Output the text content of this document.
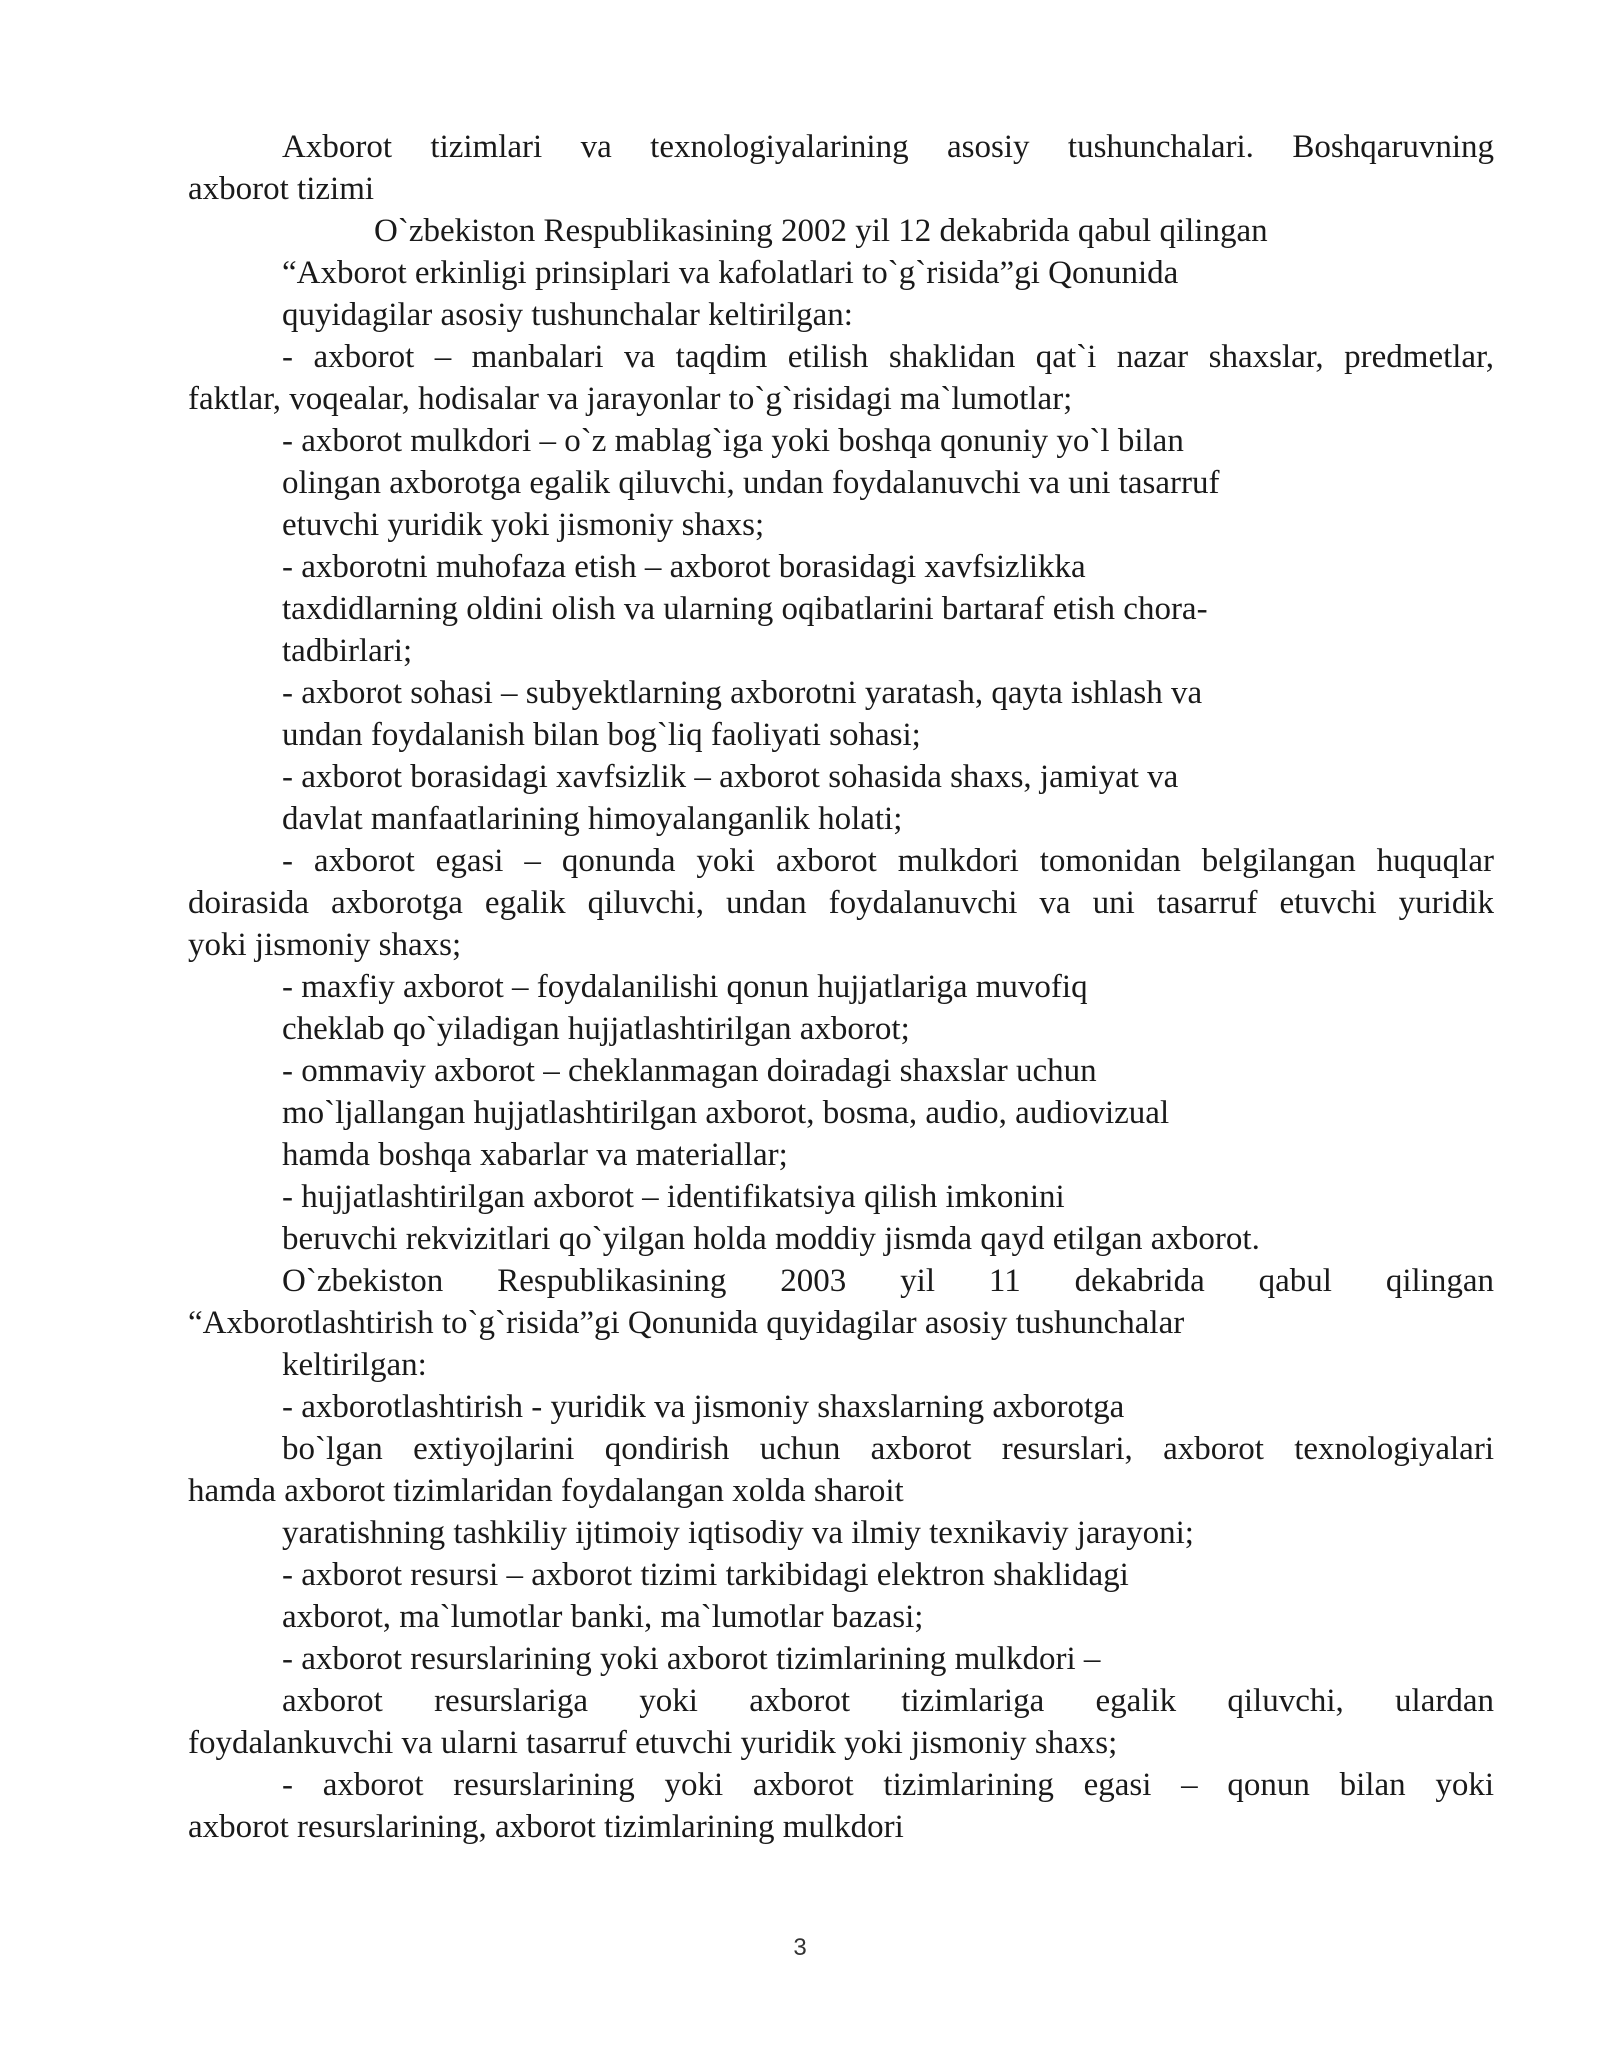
Axborot tizimlari va texnologiyalarining asosiy tushunchalari. Boshqaruvning
axborot tizimi
O`zbekiston Respublikasining 2002 yil 12 dekabrida qabul qilingan
“Axborot erkinligi prinsiplari va kafolatlari to`g`risida”gi Qonunida
quyidagilar asosiy tushunchalar keltirilgan:
- axborot – manbalari va taqdim etilish shaklidan qat`i nazar shaxslar, predmetlar,
faktlar, voqealar, hodisalar va jarayonlar to`g`risidagi ma`lumotlar;
- axborot mulkdori – o`z mablag`iga yoki boshqa qonuniy yo`l bilan
olingan axborotga egalik qiluvchi, undan foydalanuvchi va uni tasarruf
etuvchi yuridik yoki jismoniy shaxs;
- axborotni muhofaza etish – axborot borasidagi xavfsizlikka
taxdidlarning oldini olish va ularning oqibatlarini bartaraf etish chora-
tadbirlari;
- axborot sohasi – subyektlarning axborotni yaratash, qayta ishlash va
undan foydalanish bilan bog`liq faoliyati sohasi;
- axborot borasidagi xavfsizlik – axborot sohasida shaxs, jamiyat va
davlat manfaatlarining himoyalanganlik holati;
- axborot egasi – qonunda yoki axborot mulkdori tomonidan belgilangan huquqlar
doirasida axborotga egalik qiluvchi, undan foydalanuvchi va uni tasarruf etuvchi yuridik
yoki jismoniy shaxs;
- maxfiy axborot – foydalanilishi qonun hujjatlariga muvofiq
cheklab qo`yiladigan hujjatlashtirilgan axborot;
- ommaviy axborot – cheklanmagan doiradagi shaxslar uchun
mo`ljallangan hujjatlashtirilgan axborot, bosma, audio, audiovizual
hamda boshqa xabarlar va materiallar;
- hujjatlashtirilgan axborot – identifikatsiya qilish imkonini
beruvchi rekvizitlari qo`yilgan holda moddiy jismda qayd etilgan axborot.
O`zbekiston Respublikasining 2003 yil 11 dekabrida qabul qilingan
“Axborotlashtirish to`g`risida”gi Qonunida quyidagilar asosiy tushunchalar
keltirilgan:
- axborotlashtirish - yuridik va jismoniy shaxslarning axborotga
bo`lgan extiyojlarini qondirish uchun axborot resurslari, axborot texnologiyalari
hamda axborot tizimlaridan foydalangan xolda sharoit
yaratishning tashkiliy ijtimoiy iqtisodiy va ilmiy texnikaviy jarayoni;
- axborot resursi – axborot tizimi tarkibidagi elektron shaklidagi
axborot, ma`lumotlar banki, ma`lumotlar bazasi;
- axborot resurslarining yoki axborot tizimlarining mulkdori –
axborot resurslariga yoki axborot tizimlariga egalik qiluvchi, ulardan
foydalankuvchi va ularni tasarruf etuvchi yuridik yoki jismoniy shaxs;
- axborot resurslarining yoki axborot tizimlarining egasi – qonun bilan yoki
axborot resurslarining, axborot tizimlarining mulkdori
3
